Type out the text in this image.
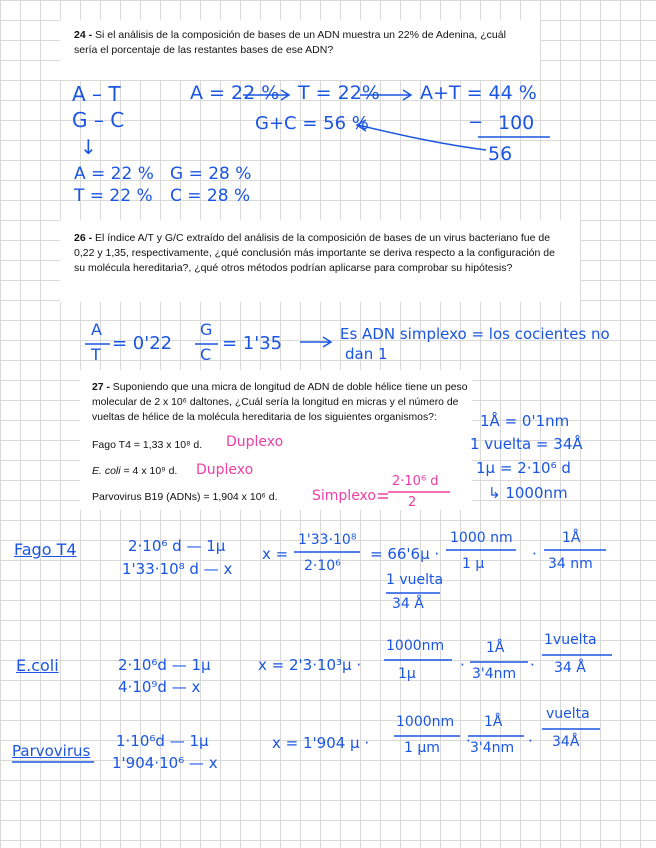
24 - Si el análisis de la composición de bases de un ADN muestra un 22% de Adenina, ¿cuál sería el porcentaje de las restantes bases de ese ADN?
A – T
G – C
A = 22 % T = 22% A+T = 44 %
G+C = 56 %	− 100
56
↓
A = 22 % G = 28 %
T = 22 % C = 28 %
26 - El índice A/T y G/C extraído del análisis de la composición de bases de un virus bacteriano fue de 0,22 y 1,35, respectivamente, ¿qué conclusión más importante se deriva respecto a la configuración de su molécula hereditaria?, ¿qué otros métodos podrían aplicarse para comprobar su hipótesis?
A
T
= 0'22
G
C
= 1'35	Es ADN simplexo = los cocientes no
dan 1
27 - Suponiendo que una micra de longitud de ADN de doble hélice tiene un peso molecular de 2 x 10⁶ daltones, ¿Cuál sería la longitud en micras y el número de vueltas de hélice de la molécula hereditaria de los siguientes organismos?:
Fago T4 = 1,33 x 10⁸ d.
E. coli = 4 x 10⁹ d.
Parvovirus B19 (ADNs) = 1,904 x 10⁶ d.
Duplexo
Duplexo
Simplexo
2·10⁶ d
2
1Å = 0'1nm
1 vuelta = 34Å
1µ = 2·10⁶ d
↳ 1000nm
Fago T4	2·10⁶ d — 1µ
1'33·10⁸ d — x
x =
1'33·10⁸
2·10⁶
= 66'6µ ·
1000 nm
1 µ
·
1Å
34 nm
1 vuelta
34 Å
E.coli	2·10⁶d — 1µ
4·10⁹d — x
x = 2'3·10³µ ·
1000nm
1µ	·
1Å
3'4nm ·
1vuelta
34 Å
Parvovirus
1·10⁶d — 1µ
1'904·10⁶ — x
x = 1'904 µ ·
1000nm
1 µm ·
1Å
3'4nm ·
vuelta
34Å
